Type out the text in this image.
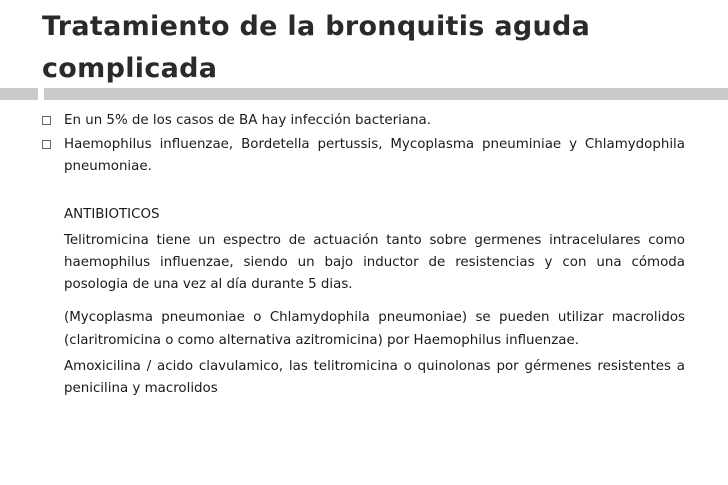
Tratamiento de la bronquitis aguda complicada
En un 5% de los casos de BA hay infección bacteriana.
Haemophilus influenzae, Bordetella pertussis, Mycoplasma pneuminiae y Chlamydophila pneumoniae.
ANTIBIOTICOS
Telitromicina tiene un espectro de actuación tanto sobre germenes intracelulares como haemophilus influenzae, siendo un bajo inductor de resistencias y con una cómoda posologia de una vez al día durante 5 dias.
(Mycoplasma pneumoniae o Chlamydophila pneumoniae) se pueden utilizar macrolidos (claritromicina o como alternativa azitromicina) por Haemophilus influenzae.
Amoxicilina / acido clavulamico, las telitromicina o quinolonas por gérmenes resistentes a penicilina y macrolidos
